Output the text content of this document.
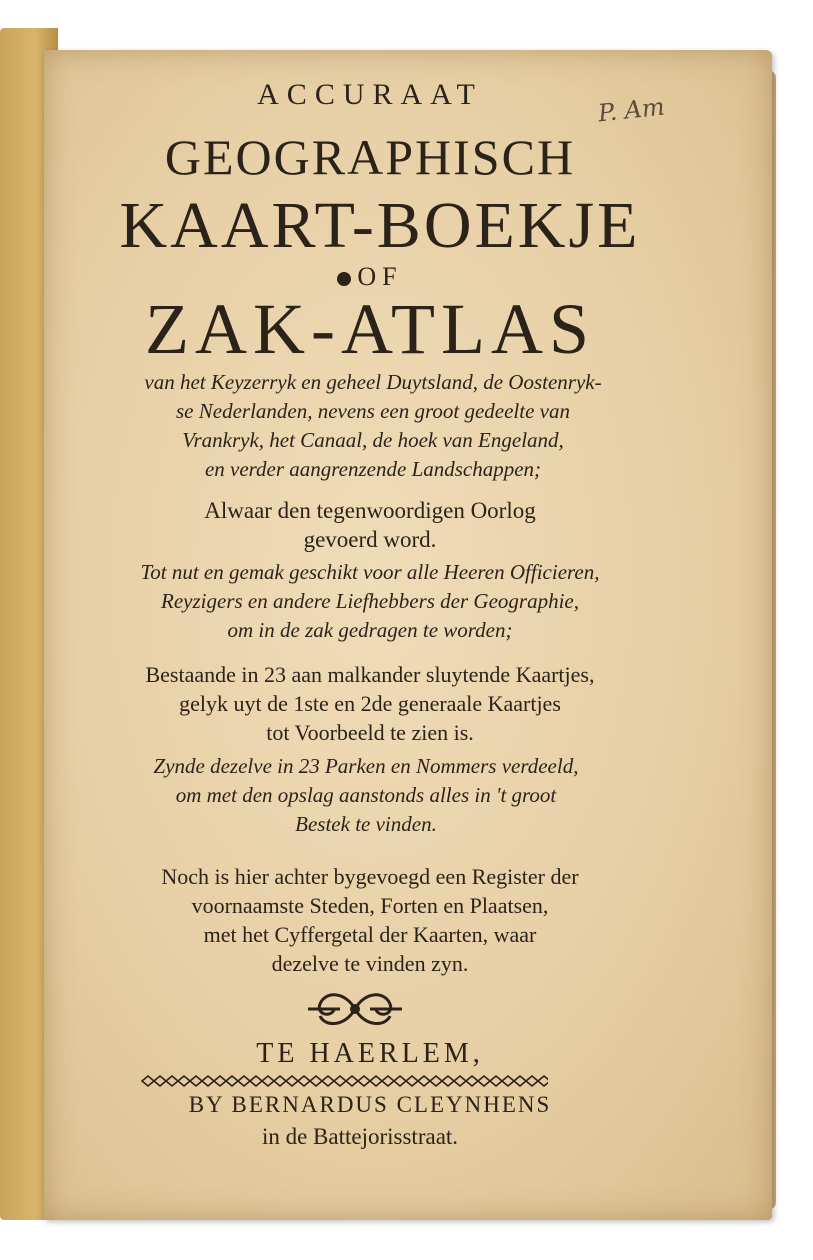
P. Am
ACCURAAT
GEOGRAPHISCH
KAART-BOEKJE
OF
ZAK-ATLAS
van het Keyzerryk en geheel Duytsland, de Oostenryk-
se Nederlanden, nevens een groot gedeelte van
Vrankryk, het Canaal, de hoek van Engeland,
en verder aangrenzende Landschappen;
Alwaar den tegenwoordigen Oorlog
gevoerd word.
Tot nut en gemak geschikt voor alle Heeren Officieren,
Reyzigers en andere Liefhebbers der Geographie,
om in de zak gedragen te worden;
Bestaande in 23 aan malkander sluytende Kaartjes,
gelyk uyt de 1ste en 2de generaale Kaartjes
tot Voorbeeld te zien is.
Zynde dezelve in 23 Parken en Nommers verdeeld,
om met den opslag aanstonds alles in 't groot
Bestek te vinden.
Noch is hier achter bygevoegd een Register der
voornaamste Steden, Forten en Plaatsen,
met het Cyffergetal der Kaarten, waar
dezelve te vinden zyn.
TE HAERLEM,
BY BERNARDUS CLEYNHENS
in de Battejorisstraat.
